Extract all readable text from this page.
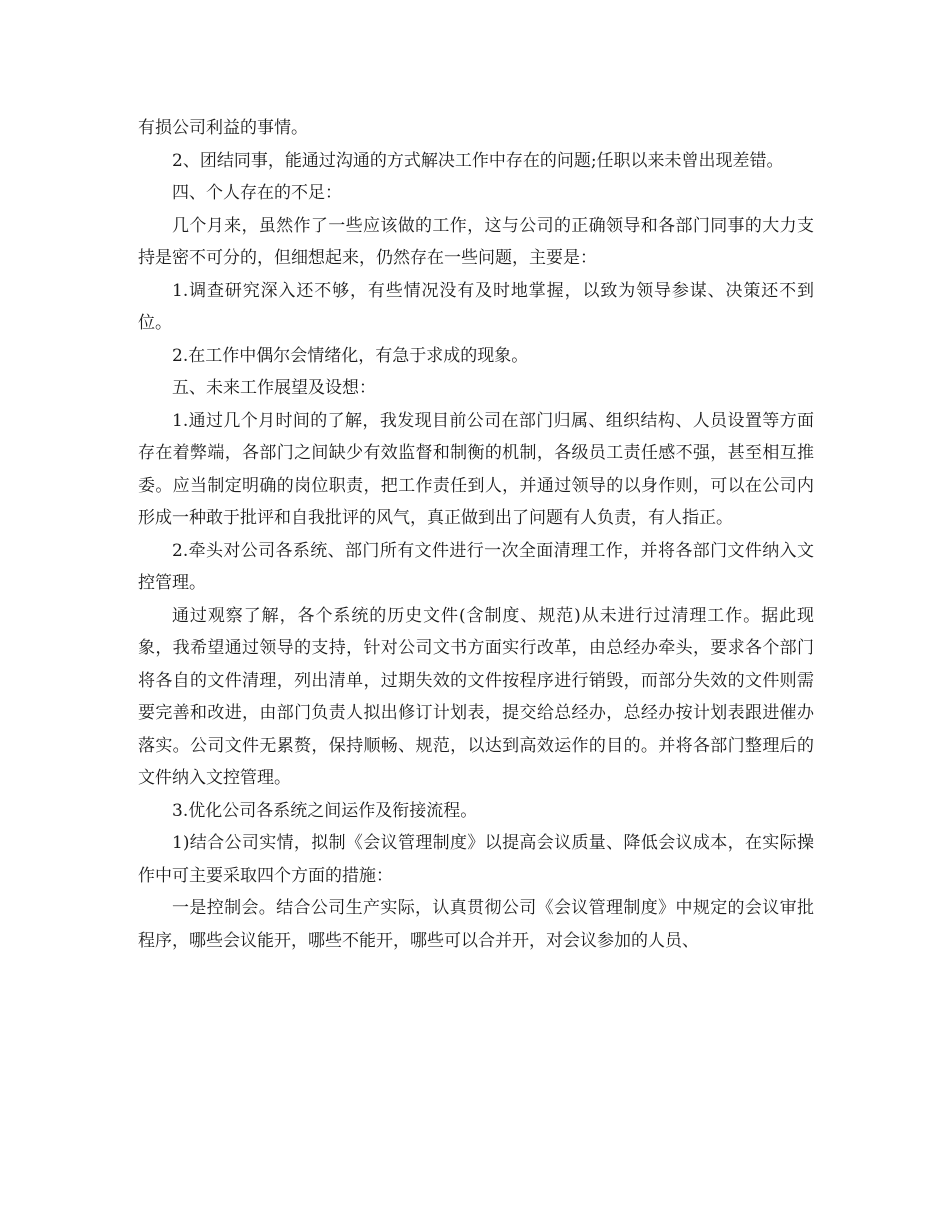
有损公司利益的事情。

2、团结同事，能通过沟通的方式解决工作中存在的问题;任职以来未曾出现差错。

四、个人存在的不足：

几个月来，虽然作了一些应该做的工作，这与公司的正确领导和各部门同事的大力支持是密不可分的，但细想起来，仍然存在一些问题，主要是：

1.调查研究深入还不够，有些情况没有及时地掌握，以致为领导参谋、决策还不到位。

2.在工作中偶尔会情绪化，有急于求成的现象。

五、未来工作展望及设想：

1.通过几个月时间的了解，我发现目前公司在部门归属、组织结构、人员设置等方面存在着弊端，各部门之间缺少有效监督和制衡的机制，各级员工责任感不强，甚至相互推委。应当制定明确的岗位职责，把工作责任到人，并通过领导的以身作则，可以在公司内形成一种敢于批评和自我批评的风气，真正做到出了问题有人负责，有人指正。

2.牵头对公司各系统、部门所有文件进行一次全面清理工作，并将各部门文件纳入文控管理。

通过观察了解，各个系统的历史文件(含制度、规范)从未进行过清理工作。据此现象，我希望通过领导的支持，针对公司文书方面实行改革，由总经办牵头，要求各个部门将各自的文件清理，列出清单，过期失效的文件按程序进行销毁，而部分失效的文件则需要完善和改进，由部门负责人拟出修订计划表，提交给总经办，总经办按计划表跟进催办落实。公司文件无累赘，保持顺畅、规范，以达到高效运作的目的。并将各部门整理后的文件纳入文控管理。

3.优化公司各系统之间运作及衔接流程。

1)结合公司实情，拟制《会议管理制度》以提高会议质量、降低会议成本，在实际操作中可主要采取四个方面的措施：

一是控制会。结合公司生产实际，认真贯彻公司《会议管理制度》中规定的会议审批程序，哪些会议能开，哪些不能开，哪些可以合并开，对会议参加的人员、
